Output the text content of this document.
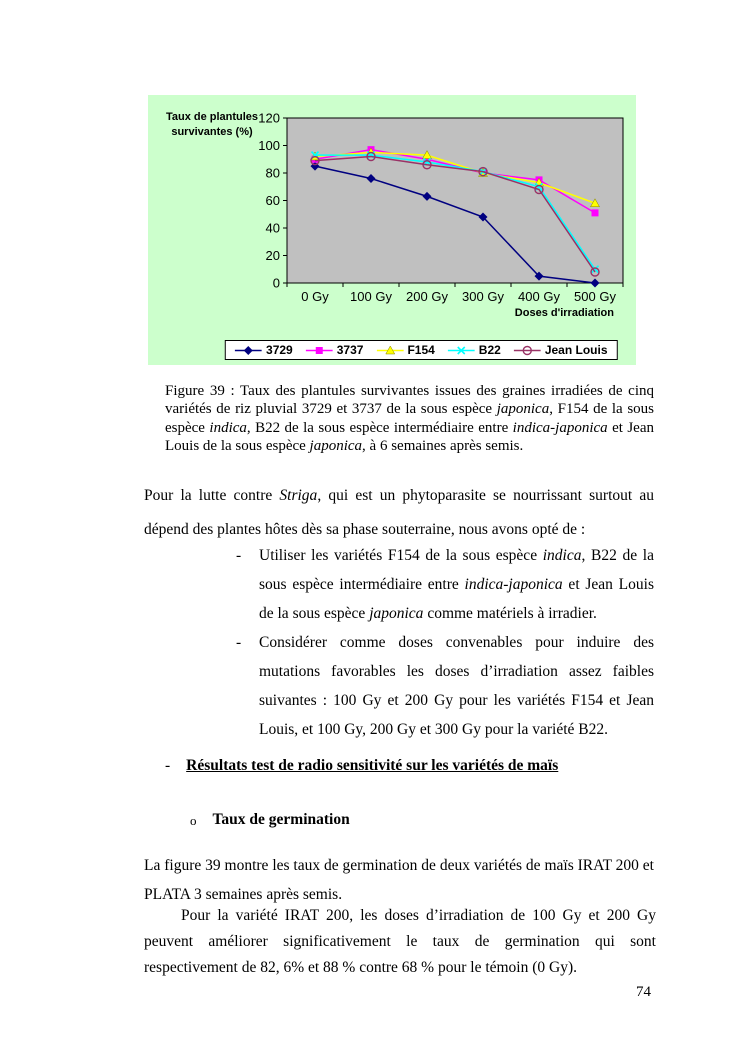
Taux de plantules
survivantes (%)
0
20
40
60
80
100
120
0 Gy 100 Gy 200 Gy 300 Gy 400 Gy 500 Gy
Doses d'irradiation
3729	3737	F154	B22	Jean Louis

Figure 39 : Taux des plantules survivantes issues des graines irradiées de cinq variétés de riz pluvial 3729 et 3737 de la sous espèce japonica, F154 de la sous espèce indica, B22 de la sous espèce intermédiaire entre indica-japonica et Jean Louis de la sous espèce japonica, à 6 semaines après semis.

Pour la lutte contre Striga, qui est un phytoparasite se nourrissant surtout au dépend des plantes hôtes dès sa phase souterraine, nous avons opté de :

-	Utiliser les variétés F154 de la sous espèce indica, B22 de la sous espèce intermédiaire entre indica-japonica et Jean Louis de la sous espèce japonica comme matériels à irradier.
-	Considérer comme doses convenables pour induire des mutations favorables les doses d’irradiation assez faibles suivantes : 100 Gy et 200 Gy pour les variétés F154 et Jean Louis, et 100 Gy, 200 Gy et 300 Gy pour la variété B22.
- Résultats test de radio sensitivité sur les variétés de maïs
o Taux de germination

La figure 39 montre les taux de germination de deux variétés de maïs IRAT 200 et PLATA 3 semaines après semis.

Pour la variété IRAT 200, les doses d’irradiation de 100 Gy et 200 Gy peuvent améliorer significativement le taux de germination qui sont respectivement de 82, 6% et 88 % contre 68 % pour le témoin (0 Gy).

74
